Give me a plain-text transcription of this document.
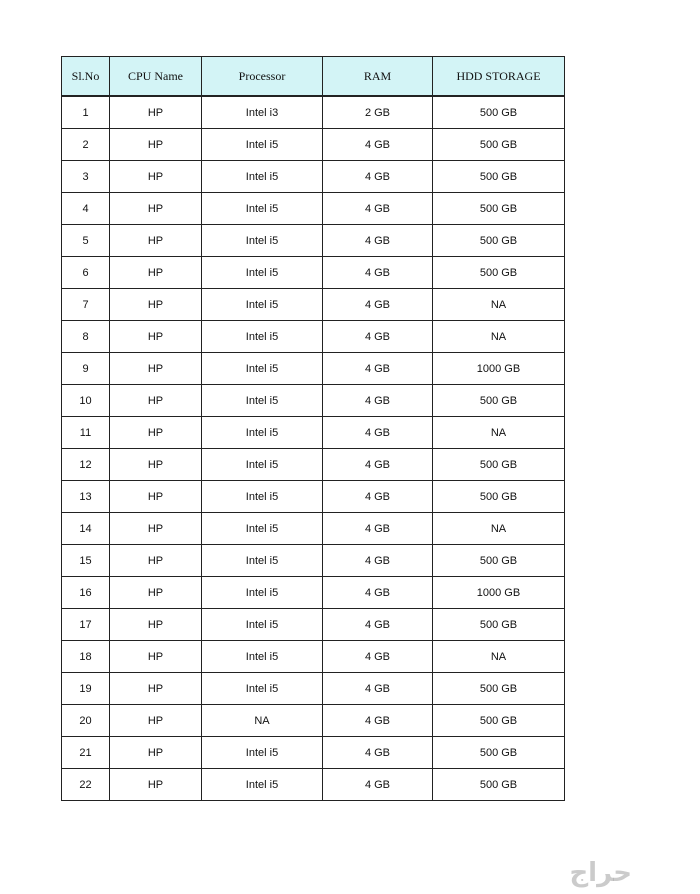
Sl.No	CPU Name	Processor	RAM	HDD STORAGE
1	HP	Intel i3	2 GB	500 GB
2	HP	Intel i5	4 GB	500 GB
3	HP	Intel i5	4 GB	500 GB
4	HP	Intel i5	4 GB	500 GB
5	HP	Intel i5	4 GB	500 GB
6	HP	Intel i5	4 GB	500 GB
7	HP	Intel i5	4 GB	NA
8	HP	Intel i5	4 GB	NA
9	HP	Intel i5	4 GB	1000 GB
10	HP	Intel i5	4 GB	500 GB
11	HP	Intel i5	4 GB	NA
12	HP	Intel i5	4 GB	500 GB
13	HP	Intel i5	4 GB	500 GB
14	HP	Intel i5	4 GB	NA
15	HP	Intel i5	4 GB	500 GB
16	HP	Intel i5	4 GB	1000 GB
17	HP	Intel i5	4 GB	500 GB
18	HP	Intel i5	4 GB	NA
19	HP	Intel i5	4 GB	500 GB
20	HP	NA	4 GB	500 GB
21	HP	Intel i5	4 GB	500 GB
22	HP	Intel i5	4 GB	500 GB
حراج
